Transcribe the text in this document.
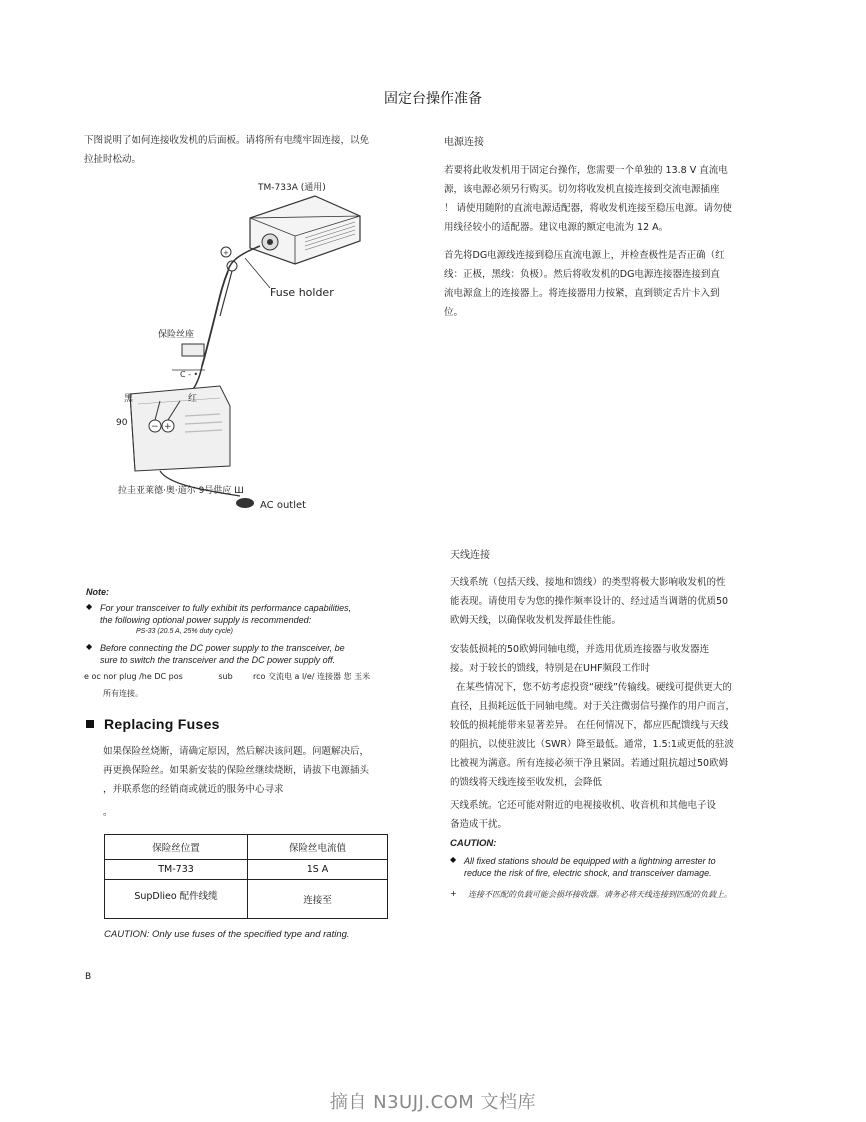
固定台操作准备
下图说明了如何连接收发机的后面板。请将所有电缆牢固连接，以免
拉扯时松动。
+
C - •
− +
TM-733A (通用)
Fuse holder
保险丝座
黑	红
90
拉圭亚莱德·奥·道尔 9号供应 Ш
AC outlet
Note:
◆ For your transceiver to fully exhibit its performance capabilities,
the following optional power supply is recommended:
PS-33 (20.5 A, 25% duty cycle)
◆ Before connecting the DC power supply to the transceiver, be
sure to switch the transceiver and the DC power supply off.
e oc nor plug /he DC pos              sub        rco 交流电 a l/e/ 连接器 您 玉米
所有连接。
Replacing Fuses
如果保险丝烧断，请确定原因，然后解决该问题。问题解决后，
再更换保险丝。如果新安装的保险丝继续烧断，请拔下电源插头
，并联系您的经销商或就近的服务中心寻求
。
保险丝位置	保险丝电流值
TM-733	1S A
SupDlieo 配件线缆	连接至
CAUTION: Only use fuses of the specified type and rating.
B
电源连接
若要将此收发机用于固定台操作，您需要一个单独的 13.8 V 直流电
源，该电源必须另行购买。切勿将收发机直接连接到交流电源插座
！ 请使用随附的直流电源适配器，将收发机连接至稳压电源。请勿使
用线径较小的适配器。建议电源的额定电流为 12 A。
首先将DG电源线连接到稳压直流电源上，并检查极性是否正确（红
线：正极，黑线：负极）。然后将收发机的DG电源连接器连接到直
流电源盒上的连接器上。将连接器用力按紧，直到锁定舌片卡入到
位。
天线连接
天线系统（包括天线、接地和馈线）的类型将极大影响收发机的性
能表现。请使用专为您的操作频率设计的、经过适当调谐的优质50
欧姆天线，以确保收发机发挥最佳性能。
安装低损耗的50欧姆同轴电缆，并选用优质连接器与收发器连
接。对于较长的馈线，特别是在UHF频段工作时
在某些情况下，您不妨考虑投资“硬线”传输线。硬线可提供更大的
直径，且损耗远低于同轴电缆。对于关注微弱信号操作的用户而言，
较低的损耗能带来显著差异。 在任何情况下，都应匹配馈线与天线
的阻抗，以使驻波比（SWR）降至最低。通常，1.5:1或更低的驻波
比被视为满意。所有连接必须干净且紧固。若通过阻抗超过50欧姆
的馈线将天线连接至收发机，会降低
天线系统。它还可能对附近的电视接收机、收音机和其他电子设
备造成干扰。
CAUTION:
◆ All fixed stations should be equipped with a lightning arrester to
reduce the risk of fire, electric shock, and transceiver damage.
+	连接不匹配的负载可能会损坏接收器。请务必将天线连接到匹配的负载上。
摘自 N3UJJ.COM 文档库
